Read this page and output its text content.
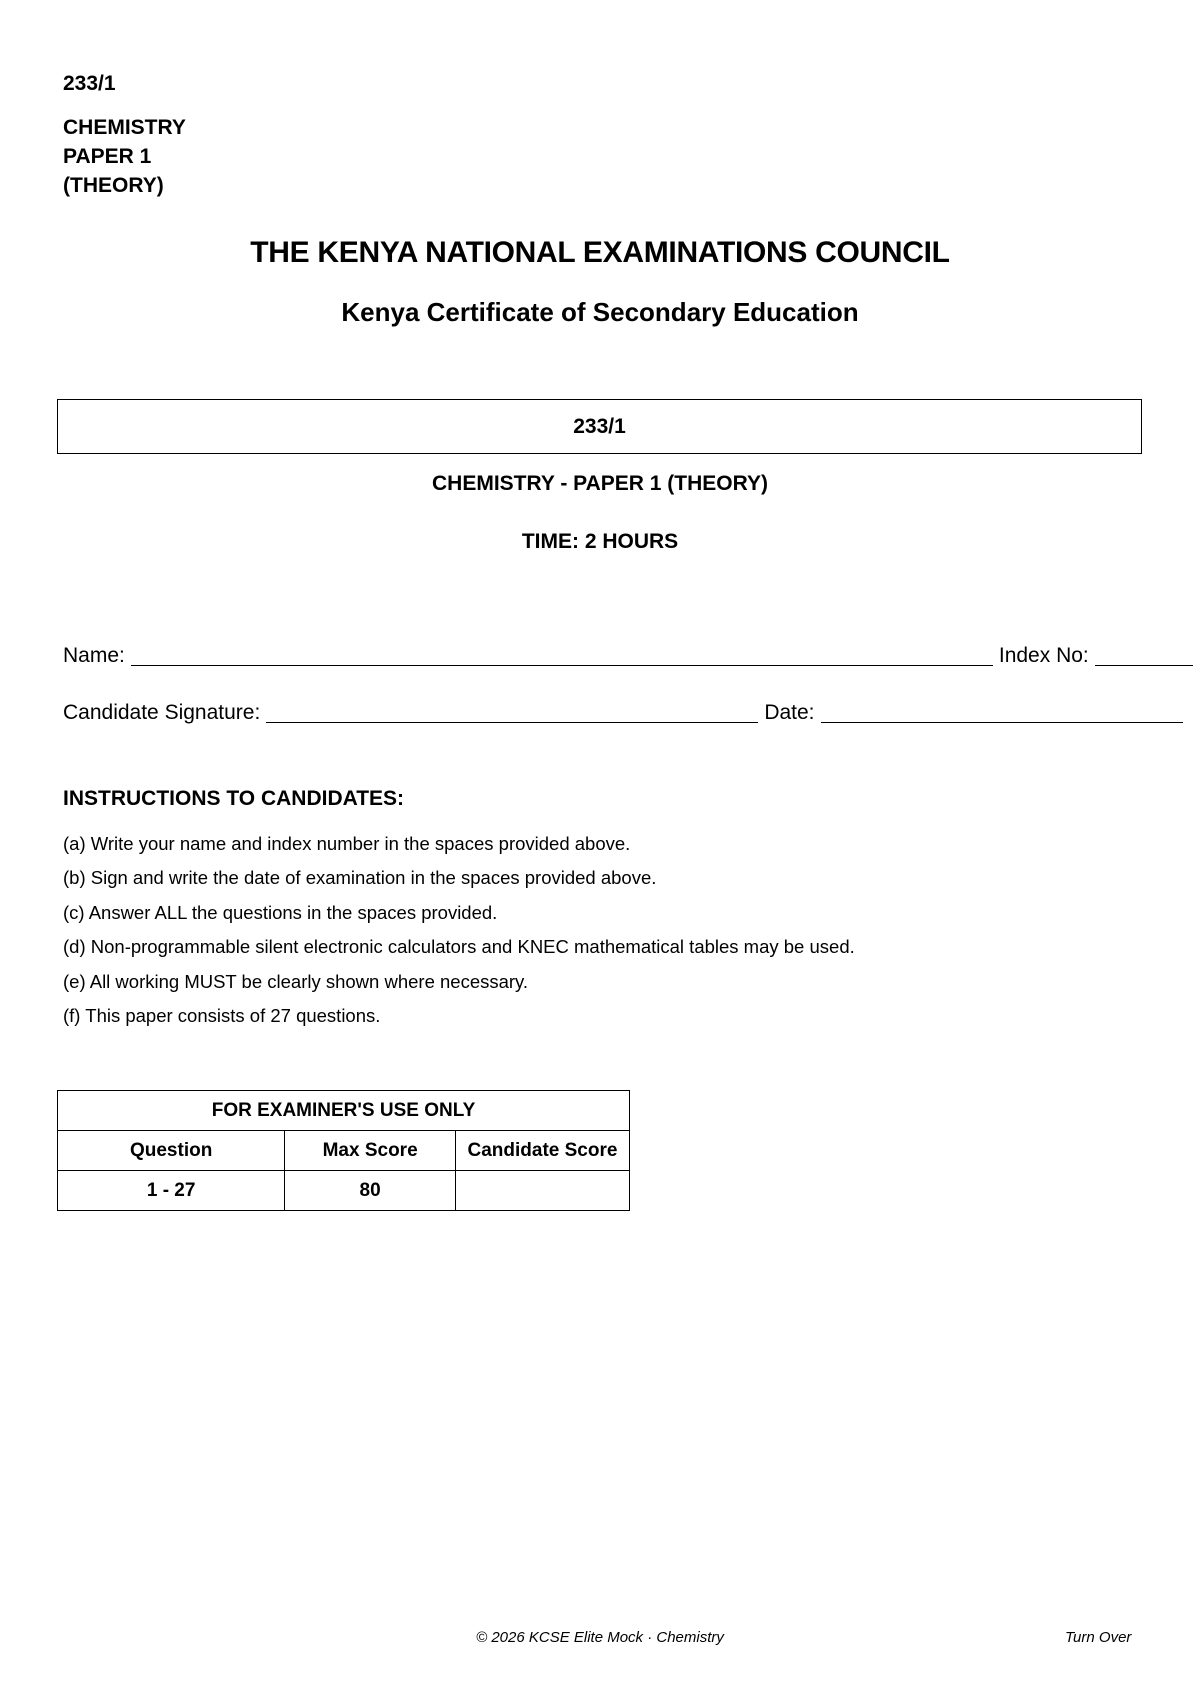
233/1
CHEMISTRY
PAPER 1
(THEORY)
THE KENYA NATIONAL EXAMINATIONS COUNCIL
Kenya Certificate of Secondary Education
233/1
CHEMISTRY - PAPER 1 (THEORY)
TIME: 2 HOURS
Name:	Index No:
Candidate Signature:	Date:
INSTRUCTIONS TO CANDIDATES:
(a) Write your name and index number in the spaces provided above.
(b) Sign and write the date of examination in the spaces provided above.
(c) Answer ALL the questions in the spaces provided.
(d) Non-programmable silent electronic calculators and KNEC mathematical tables may be used.
(e) All working MUST be clearly shown where necessary.
(f) This paper consists of 27 questions.
FOR EXAMINER'S USE ONLY		
Question	Max Score	Candidate Score
1 - 27	80	
© 2026 KCSE Elite Mock · Chemistry	Turn Over
